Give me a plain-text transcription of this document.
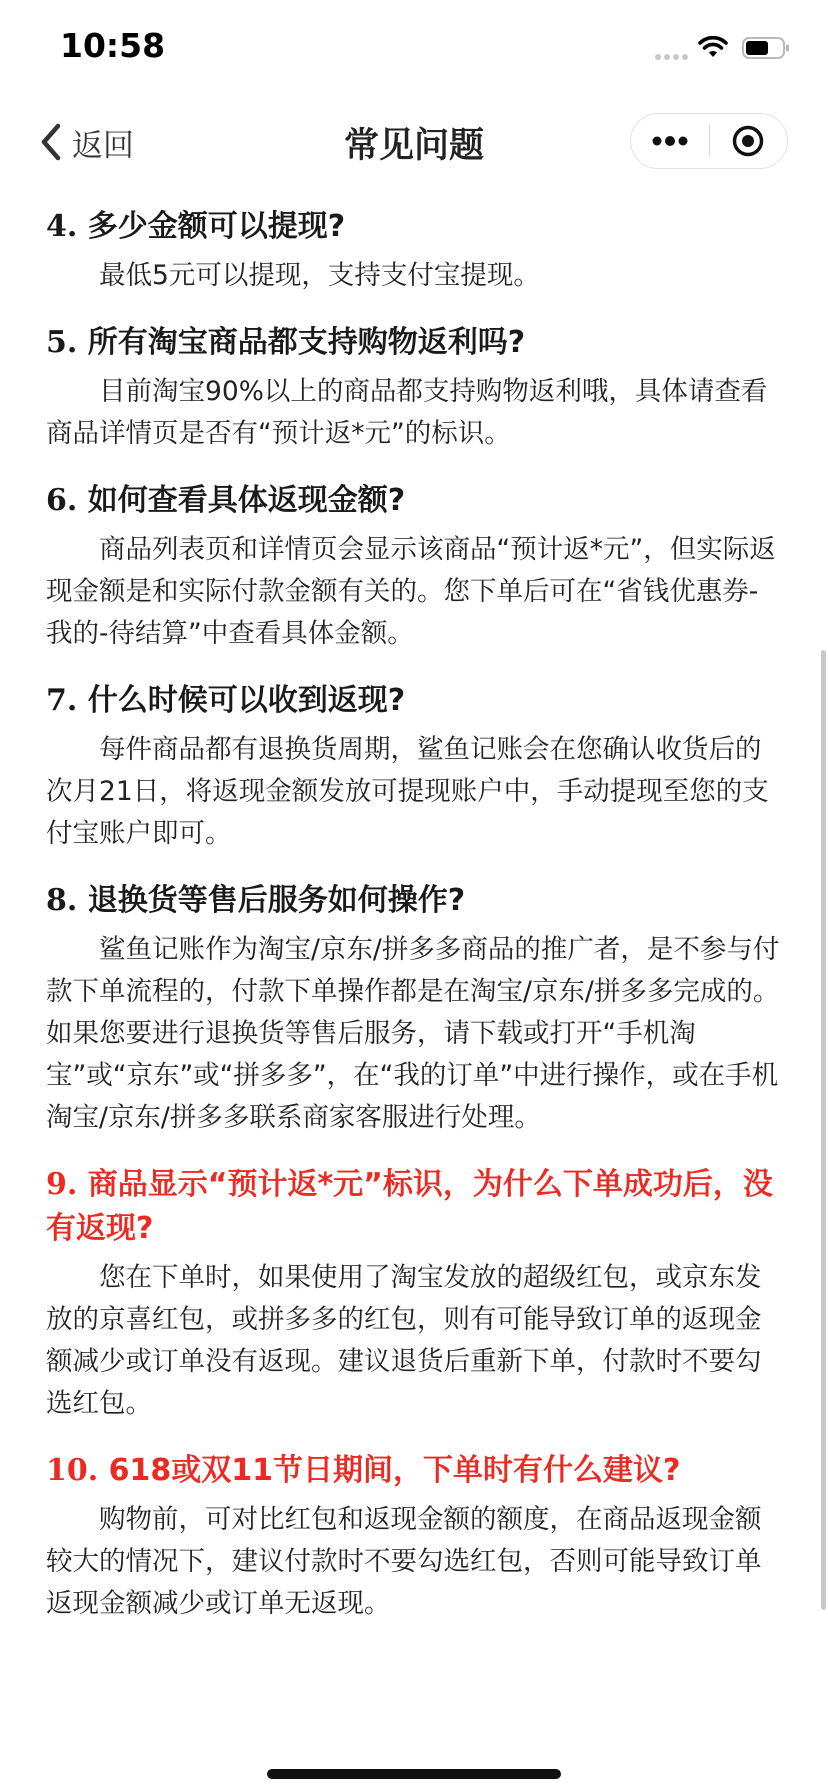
10:58
返回	常见问题

4. 多少金额可以提现?

最低5元可以提现，支持支付宝提现。

5. 所有淘宝商品都支持购物返利吗?

目前淘宝90%以上的商品都支持购物返利哦，具体请查看商品详情页是否有“预计返*元”的标识。

6. 如何查看具体返现金额?

商品列表页和详情页会显示该商品“预计返*元”，但实际返现金额是和实际付款金额有关的。您下单后可在“省钱优惠券-我的-待结算”中查看具体金额。

7. 什么时候可以收到返现?

每件商品都有退换货周期，鲨鱼记账会在您确认收货后的次月21日，将返现金额发放可提现账户中，手动提现至您的支付宝账户即可。

8. 退换货等售后服务如何操作?

鲨鱼记账作为淘宝/京东/拼多多商品的推广者，是不参与付款下单流程的，付款下单操作都是在淘宝/京东/拼多多完成的。如果您要进行退换货等售后服务，请下载或打开“手机淘宝”或“京东”或“拼多多”，在“我的订单”中进行操作，或在手机淘宝/京东/拼多多联系商家客服进行处理。

9. 商品显示“预计返*元”标识，为什么下单成功后，没有返现?

您在下单时，如果使用了淘宝发放的超级红包，或京东发放的京喜红包，或拼多多的红包，则有可能导致订单的返现金额减少或订单没有返现。建议退货后重新下单，付款时不要勾选红包。

10. 618或双11节日期间，下单时有什么建议?

购物前，可对比红包和返现金额的额度，在商品返现金额较大的情况下，建议付款时不要勾选红包，否则可能导致订单返现金额减少或订单无返现。
